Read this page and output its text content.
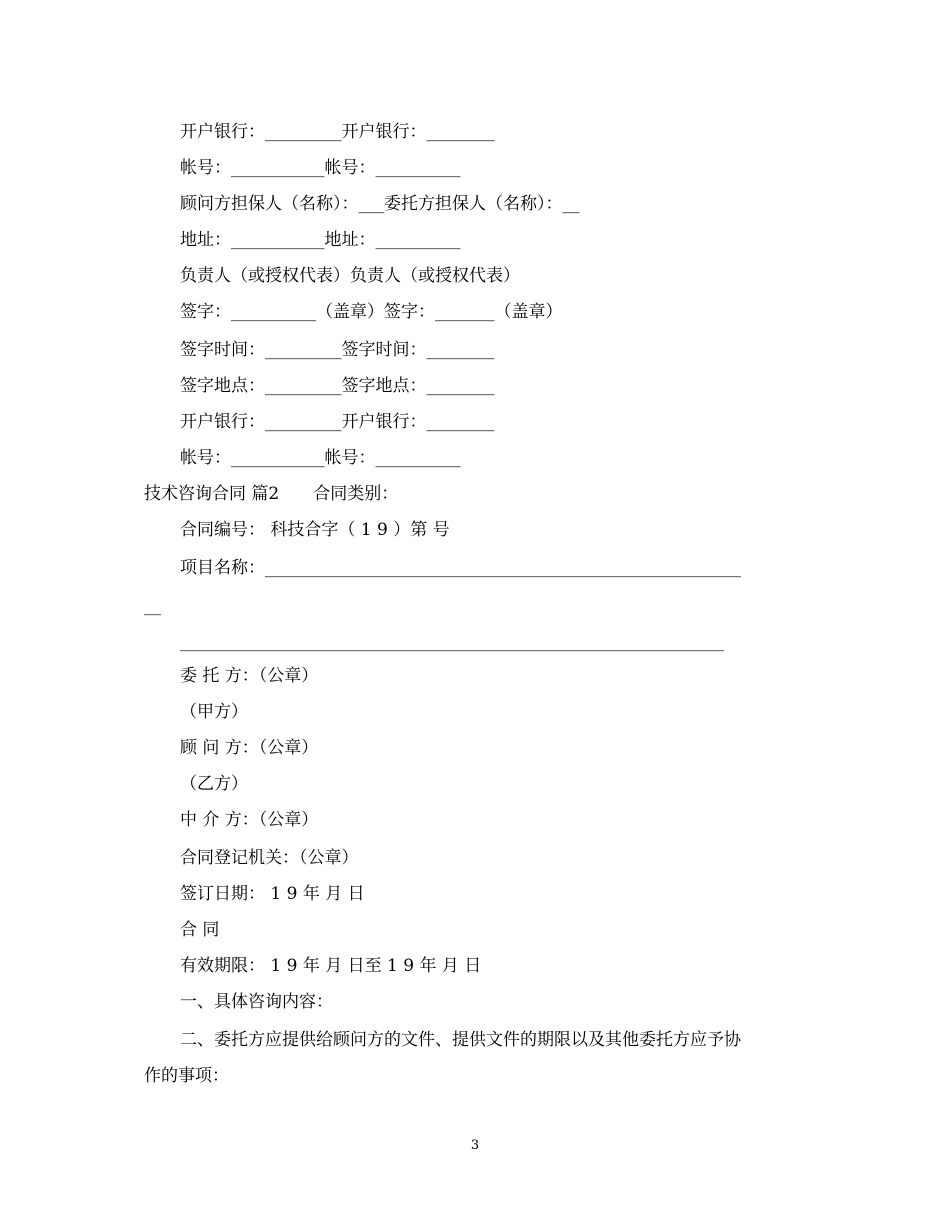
开户银行：_________开户银行：________
帐号：___________帐号：__________
顾问方担保人（名称）：___委托方担保人（名称）：__
地址：___________地址：__________
负责人（或授权代表）负责人（或授权代表）
签字：__________（盖章）签字：_______（盖章）
签字时间：_________签字时间：________
签字地点：_________签字地点：________
开户银行：_________开户银行：________
帐号：___________帐号：__________
技术咨询合同 篇2　　合同类别：
合同编号： 科技合字（ 1 9 ）第 号
项目名称：________________________________________________________
__
________________________________________________________________
委 托 方：（公章）
（甲方）
顾 问 方：（公章）
（乙方）
中 介 方：（公章）
合同登记机关：（公章）
签订日期： 1 9 年 月 日
合 同
有效期限： 1 9 年 月 日至 1 9 年 月 日
一、具体咨询内容：
二、委托方应提供给顾问方的文件、提供文件的期限以及其他委托方应予协
作的事项：
3
